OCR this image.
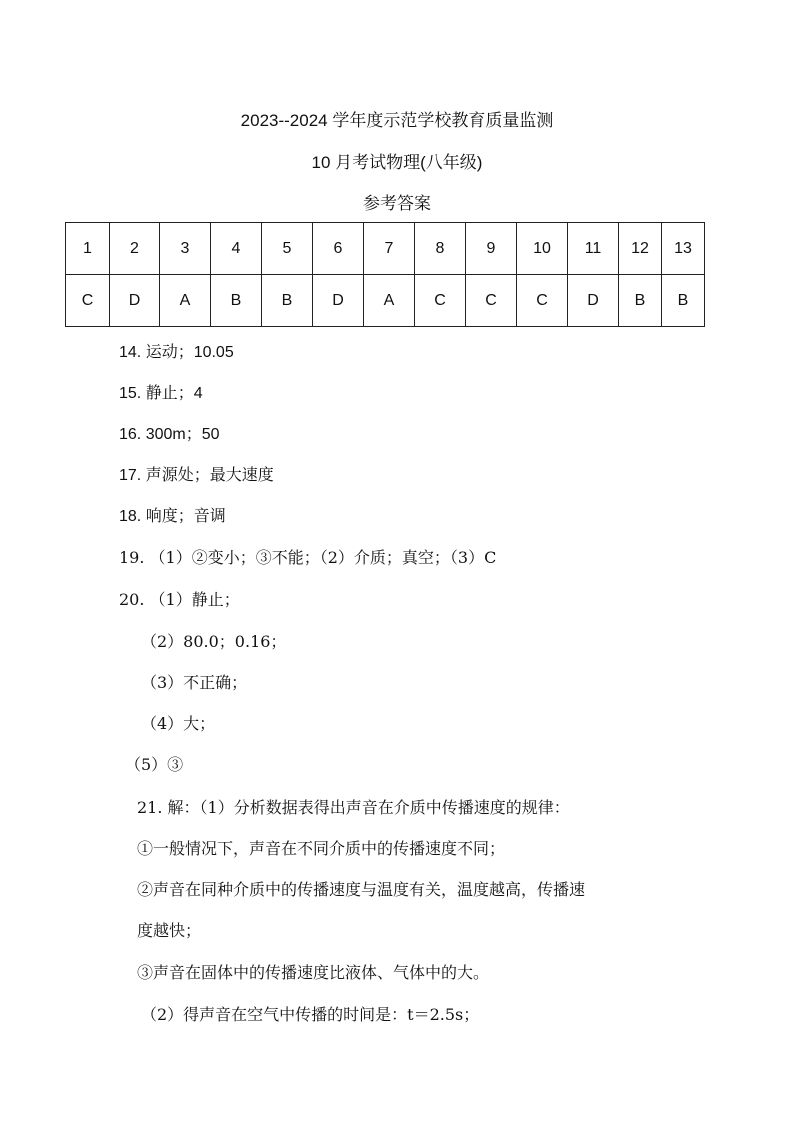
2023--2024 学年度示范学校教育质量监测
10 月考试物理(八年级)
参考答案
1	2	3	4	5	6	7	8	9	10	11	12	13
C	D	A	B	B	D	A	C	C	C	D	B	B
14. 运动；10.05
15. 静止；4
16. 300m；50
17. 声源处；最大速度
18. 响度；音调
19. （1）②变小；③不能；（2）介质；真空；（3）C
20. （1）静止；
（2）80.0；0.16；
（3）不正确；
（4）大；
（5）③
21. 解：（1）分析数据表得出声音在介质中传播速度的规律：
①一般情况下，声音在不同介质中的传播速度不同；
②声音在同种介质中的传播速度与温度有关，温度越高，传播速
度越快；
③声音在固体中的传播速度比液体、气体中的大。
（2）得声音在空气中传播的时间是：t＝2.5s；
